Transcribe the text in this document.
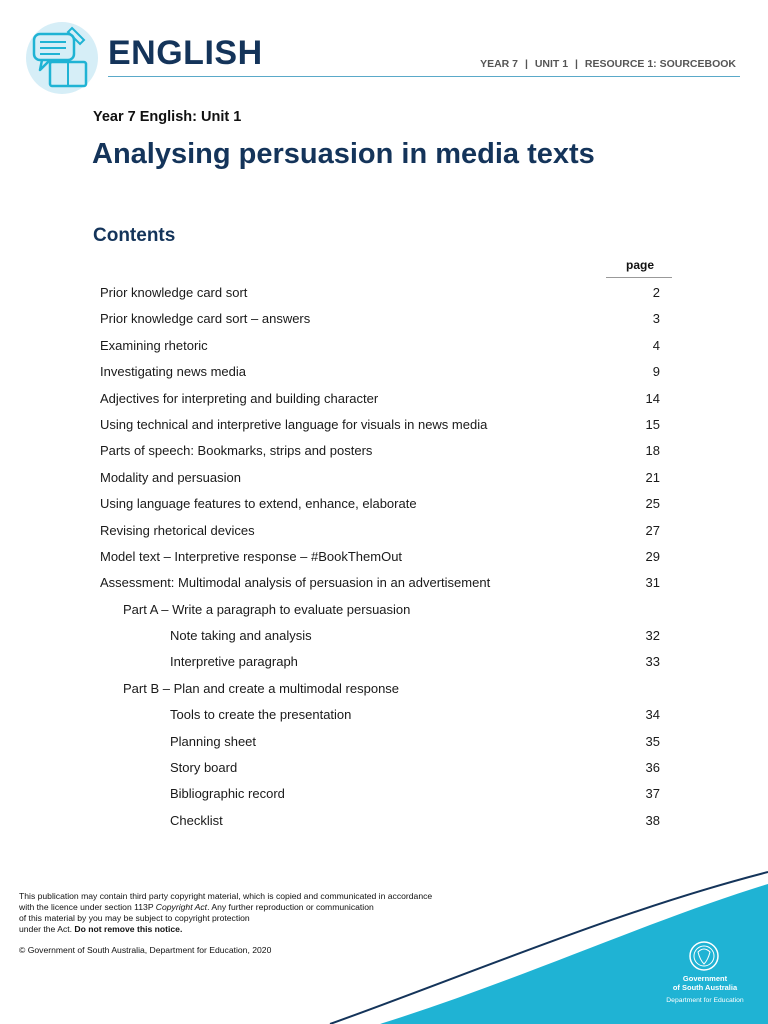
ENGLISH	YEAR 7 | UNIT 1 | RESOURCE 1: SOURCEBOOK
Year 7 English: Unit 1
Analysing persuasion in media texts
Contents
page
Prior knowledge card sort	2
Prior knowledge card sort – answers	3
Examining rhetoric	4
Investigating news media	9
Adjectives for interpreting and building character	14
Using technical and interpretive language for visuals in news media	15
Parts of speech: Bookmarks, strips and posters	18
Modality and persuasion	21
Using language features to extend, enhance, elaborate	25
Revising rhetorical devices	27
Model text – Interpretive response – #BookThemOut	29
Assessment: Multimodal analysis of persuasion in an advertisement	31
Part A – Write a paragraph to evaluate persuasion
Note taking and analysis	32
Interpretive paragraph	33
Part B – Plan and create a multimodal response
Tools to create the presentation	34
Planning sheet	35
Story board	36
Bibliographic record	37
Checklist	38
This publication may contain third party copyright material, which is copied and communicated in accordance
with the licence under section 113P Copyright Act. Any further reproduction or communication
of this material by you may be subject to copyright protection
under the Act. Do not remove this notice.
© Government of South Australia, Department for Education, 2020
Government
of South Australia
Department for Education
